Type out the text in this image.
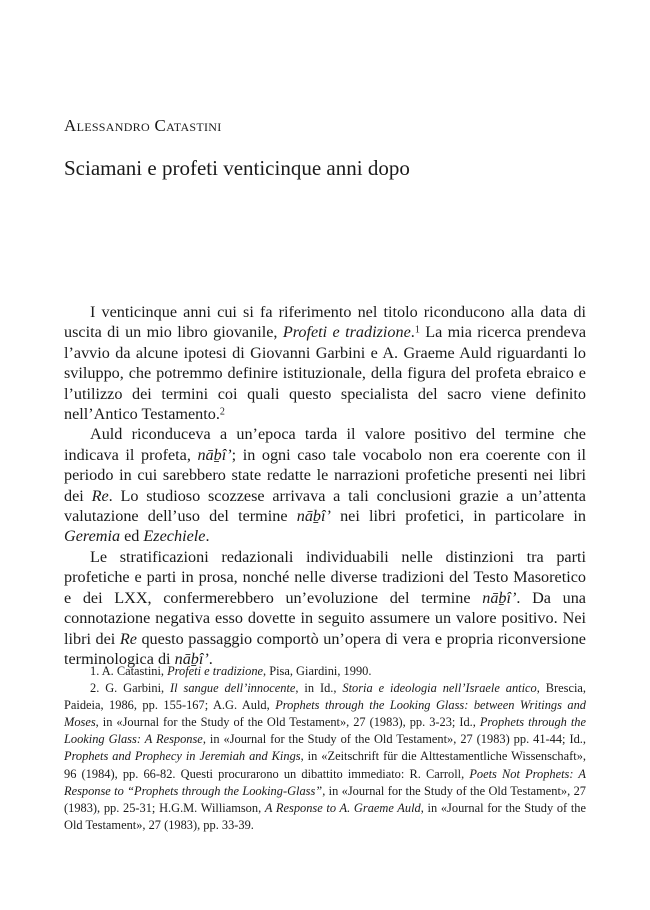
Alessandro Catastini
Sciamani e profeti venticinque anni dopo

I venticinque anni cui si fa riferimento nel titolo riconducono alla data di uscita di un mio libro giovanile, Profeti e tradizione.$^1$ La mia ricerca prendeva l’avvio da alcune ipotesi di Giovanni Garbini e A. Graeme Auld riguardanti lo sviluppo, che potremmo definire istituzionale, della figura del profeta ebraico e l’utilizzo dei termini coi quali questo specialista del sacro viene definito nell’Antico Testamento.$^2$

Auld riconduceva a un’epoca tarda il valore positivo del termine che indicava il profeta, nāḇî’; in ogni caso tale vocabolo non era coerente con il periodo in cui sarebbero state redatte le narrazioni profetiche presenti nei libri dei Re. Lo studioso scozzese arrivava a tali conclusioni grazie a un’attenta valutazione dell’uso del termine nāḇî’ nei libri profetici, in particolare in Geremia ed Ezechiele.

Le stratificazioni redazionali individuabili nelle distinzioni tra parti profetiche e parti in prosa, nonché nelle diverse tradizioni del Testo Masoretico e dei LXX, confermerebbero un’evoluzione del termine nāḇî’. Da una connotazione negativa esso dovette in seguito assumere un valore positivo. Nei libri dei Re questo passaggio comportò un’opera di vera e propria riconversione terminologica di nāḇî’.

1. A. Catastini, Profeti e tradizione, Pisa, Giardini, 1990.

2. G. Garbini, Il sangue dell’innocente, in Id., Storia e ideologia nell’Israele antico, Brescia, Paideia, 1986, pp. 155-167; A.G. Auld, Prophets through the Looking Glass: between Writings and Moses, in «Journal for the Study of the Old Testament», 27 (1983), pp. 3-23; Id., Prophets through the Looking Glass: A Response, in «Journal for the Study of the Old Testament», 27 (1983) pp. 41-44; Id., Prophets and Prophecy in Jeremiah and Kings, in «Zeitschrift für die Alttestamentliche Wissenschaft», 96 (1984), pp. 66-82. Questi procurarono un dibattito immediato: R. Carroll, Poets Not Prophets: A Response to “Prophets through the Looking-Glass”, in «Journal for the Study of the Old Testament», 27 (1983), pp. 25-31; H.G.M. Williamson, A Response to A. Graeme Auld, in «Journal for the Study of the Old Testament», 27 (1983), pp. 33-39.
